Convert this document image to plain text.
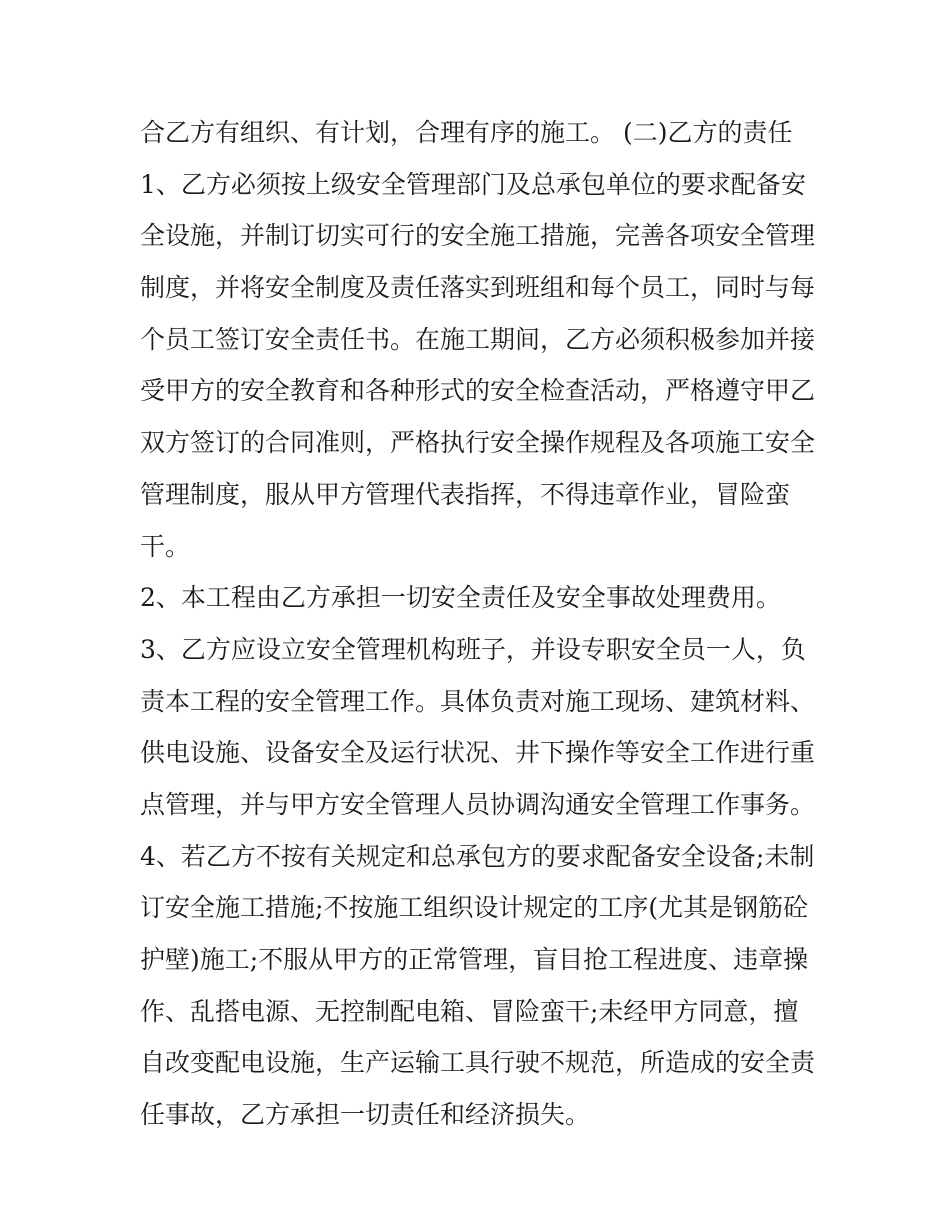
合乙方有组织、有计划，合理有序的施工。 (二)乙方的责任
1、乙方必须按上级安全管理部门及总承包单位的要求配备安
全设施，并制订切实可行的安全施工措施，完善各项安全管理
制度，并将安全制度及责任落实到班组和每个员工，同时与每
个员工签订安全责任书。在施工期间，乙方必须积极参加并接
受甲方的安全教育和各种形式的安全检查活动，严格遵守甲乙
双方签订的合同准则，严格执行安全操作规程及各项施工安全
管理制度，服从甲方管理代表指挥，不得违章作业，冒险蛮
干。
2、本工程由乙方承担一切安全责任及安全事故处理费用。
3、乙方应设立安全管理机构班子，并设专职安全员一人，负
责本工程的安全管理工作。具体负责对施工现场、建筑材料、
供电设施、设备安全及运行状况、井下操作等安全工作进行重
点管理，并与甲方安全管理人员协调沟通安全管理工作事务。
4、若乙方不按有关规定和总承包方的要求配备安全设备;未制
订安全施工措施;不按施工组织设计规定的工序(尤其是钢筋砼
护壁)施工;不服从甲方的正常管理，盲目抢工程进度、违章操
作、乱搭电源、无控制配电箱、冒险蛮干;未经甲方同意，擅
自改变配电设施，生产运输工具行驶不规范，所造成的安全责
任事故，乙方承担一切责任和经济损失。
